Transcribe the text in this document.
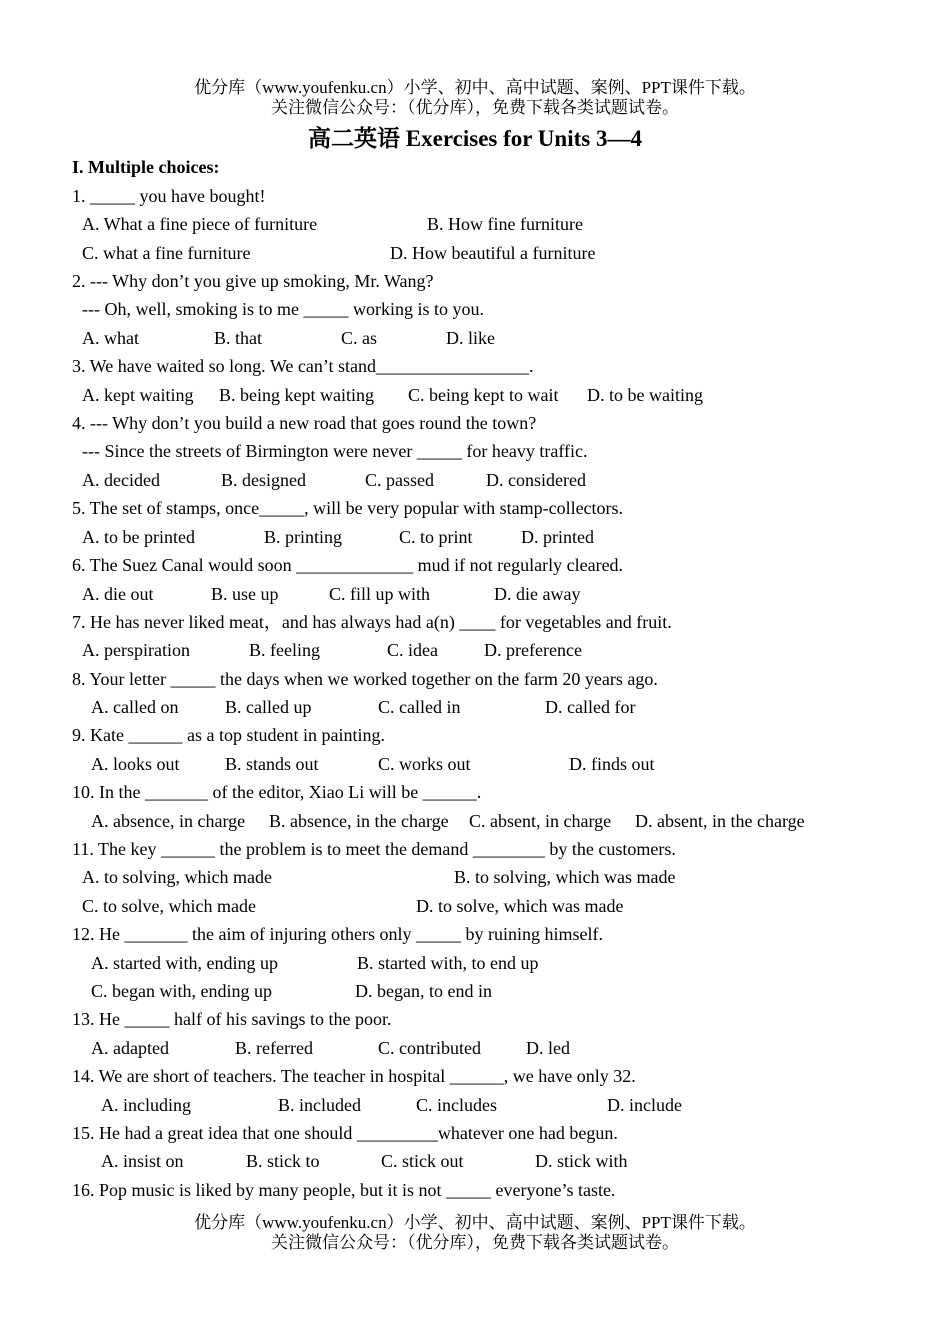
优分库（www.youfenku.cn）小学、初中、高中试题、案例、PPT课件下载。
关注微信公众号：（优分库），免费下载各类试题试卷。
高二英语 Exercises for Units 3—4
I. Multiple choices:
1. _____ you have bought!
A. What a fine piece of furniture	B. How fine furniture
C. what a fine furniture	D. How beautiful a furniture
2. --- Why don’t you give up smoking, Mr. Wang?
--- Oh, well, smoking is to me _____ working is to you.
A. what	B. that	C. as	D. like
3. We have waited so long. We can’t stand_________________.
A. kept waiting B. being kept waiting C. being kept to wait D. to be waiting
4. --- Why don’t you build a new road that goes round the town?
--- Since the streets of Birmington were never _____ for heavy traffic.
A. decided	B. designed	C. passed	D. considered
5. The set of stamps, once_____, will be very popular with stamp-collectors.
A. to be printed	B. printing	C. to print	D. printed
6. The Suez Canal would soon _____________ mud if not regularly cleared.
A. die out	B. use up	C. fill up with	D. die away
7. He has never liked meat，and has always had a(n) ____ for vegetables and fruit.
A. perspiration	B. feeling	C. idea	D. preference
8. Your letter _____ the days when we worked together on the farm 20 years ago.
A. called on	B. called up	C. called in	D. called for
9. Kate ______ as a top student in painting.
A. looks out	B. stands out	C. works out	D. finds out
10. In the _______ of the editor, Xiao Li will be ______.
A. absence, in charge B. absence, in the charge C. absent, in charge D. absent, in the charge
11. The key ______ the problem is to meet the demand ________ by the customers.
A. to solving, which made	B. to solving, which was made
C. to solve, which made	D. to solve, which was made
12. He _______ the aim of injuring others only _____ by ruining himself.
A. started with, ending up	B. started with, to end up
C. began with, ending up	D. began, to end in
13. He _____ half of his savings to the poor.
A. adapted	B. referred	C. contributed	D. led
14. We are short of teachers. The teacher in hospital ______, we have only 32.
A. including	B. included	C. includes	D. include
15. He had a great idea that one should _________whatever one had begun.
A. insist on	B. stick to	C. stick out	D. stick with
16. Pop music is liked by many people, but it is not _____ everyone’s taste.
优分库（www.youfenku.cn）小学、初中、高中试题、案例、PPT课件下载。
关注微信公众号：（优分库），免费下载各类试题试卷。
